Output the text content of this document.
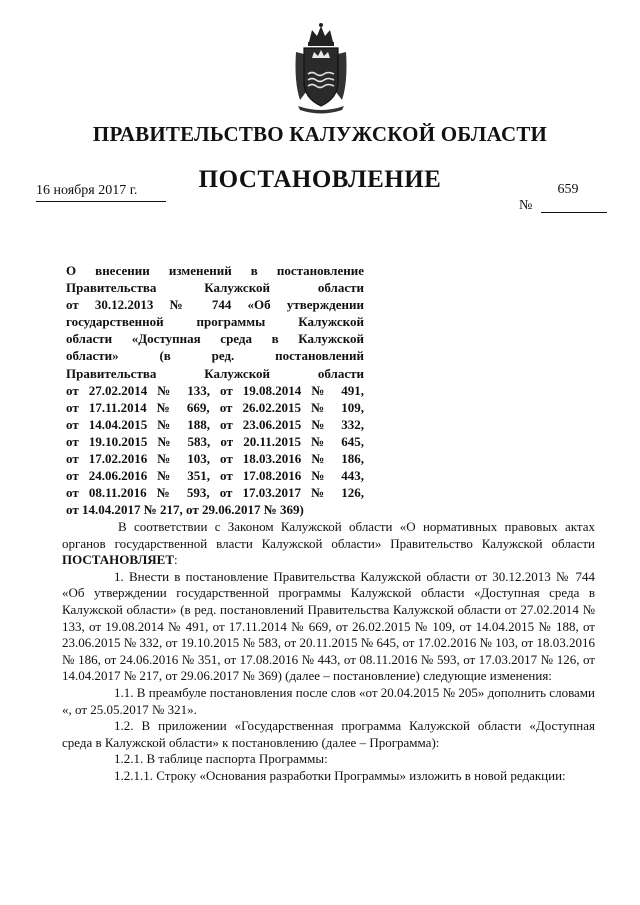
ПРАВИТЕЛЬСТВО КАЛУЖСКОЙ ОБЛАСТИ
ПОСТАНОВЛЕНИЕ
16 ноября 2017 г.	659
№

О внесении изменений в постановление
Правительства Калужской области
от 30.12.2013 № 744 «Об утверждении
государственной программы Калужской
области «Доступная среда в Калужской
области» (в ред. постановлений
Правительства Калужской области
от 27.02.2014 № 133, от 19.08.2014 № 491,
от 17.11.2014 № 669, от 26.02.2015 № 109,
от 14.04.2015 № 188, от 23.06.2015 № 332,
от 19.10.2015 № 583, от 20.11.2015 № 645,
от 17.02.2016 № 103, от 18.03.2016 № 186,
от 24.06.2016 № 351, от 17.08.2016 № 443,
от 08.11.2016 № 593, от 17.03.2017 № 126,
от 14.04.2017 № 217, от 29.06.2017 № 369)

В соответствии с Законом Калужской области «О нормативных правовых актах органов государственной власти Калужской области» Правительство Калужской области ПОСТАНОВЛЯЕТ:

1. Внести в постановление Правительства Калужской области от 30.12.2013 № 744 «Об утверждении государственной программы Калужской области «Доступная среда в Калужской области» (в ред. постановлений Правительства Калужской области от 27.02.2014 № 133, от 19.08.2014 № 491, от 17.11.2014 № 669, от 26.02.2015 № 109, от 14.04.2015 № 188, от 23.06.2015 № 332, от 19.10.2015 № 583, от 20.11.2015 № 645, от 17.02.2016 № 103, от 18.03.2016 № 186, от 24.06.2016 № 351, от 17.08.2016 № 443, от 08.11.2016 № 593, от 17.03.2017 № 126, от 14.04.2017 № 217, от 29.06.2017 № 369) (далее – постановление) следующие изменения:

1.1. В преамбуле постановления после слов «от 20.04.2015 № 205» дополнить словами «, от 25.05.2017 № 321».

1.2. В приложении «Государственная программа Калужской области «Доступная среда в Калужской области» к постановлению (далее – Программа):

1.2.1. В таблице паспорта Программы:

1.2.1.1. Строку «Основания разработки Программы» изложить в новой редакции:
